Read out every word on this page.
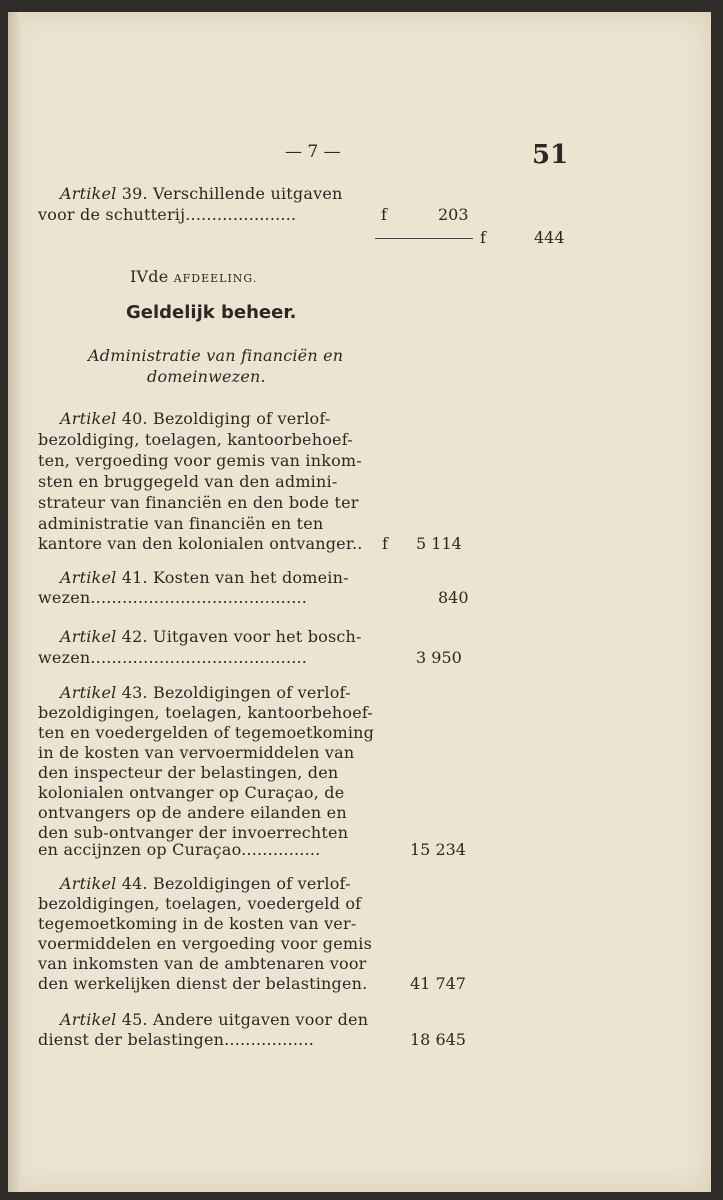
— 7 —	51
Artikel 39. Verschillende uitgaven
voor de schutterij.....................	f	203
f	444
IVde AFDEELING.
Geldelijk beheer.
Administratie van financiën en
domeinwezen.
Artikel 40. Bezoldiging of verlof-
bezoldiging, toelagen, kantoorbehoef-
ten, vergoeding voor gemis van inkom-
sten en bruggegeld van den admini-
strateur van financiën en den bode ter
administratie van financiën en ten
kantore van den kolonialen ontvanger.. f 5 114
Artikel 41. Kosten van het domein-
wezen.........................................	840
Artikel 42. Uitgaven voor het bosch-
wezen.........................................	3 950
Artikel 43. Bezoldigingen of verlof-
bezoldigingen, toelagen, kantoorbehoef-
ten en voedergelden of tegemoetkoming
in de kosten van vervoermiddelen van
den inspecteur der belastingen, den
kolonialen ontvanger op Curaçao, de
ontvangers op de andere eilanden en
den sub-ontvanger der invoerrechten
en accijnzen op Curaçao...............	15 234
Artikel 44. Bezoldigingen of verlof-
bezoldigingen, toelagen, voedergeld of
tegemoetkoming in de kosten van ver-
voermiddelen en vergoeding voor gemis
van inkomsten van de ambtenaren voor
den werkelijken dienst der belastingen.	41 747
Artikel 45. Andere uitgaven voor den
dienst der belastingen.................	18 645
